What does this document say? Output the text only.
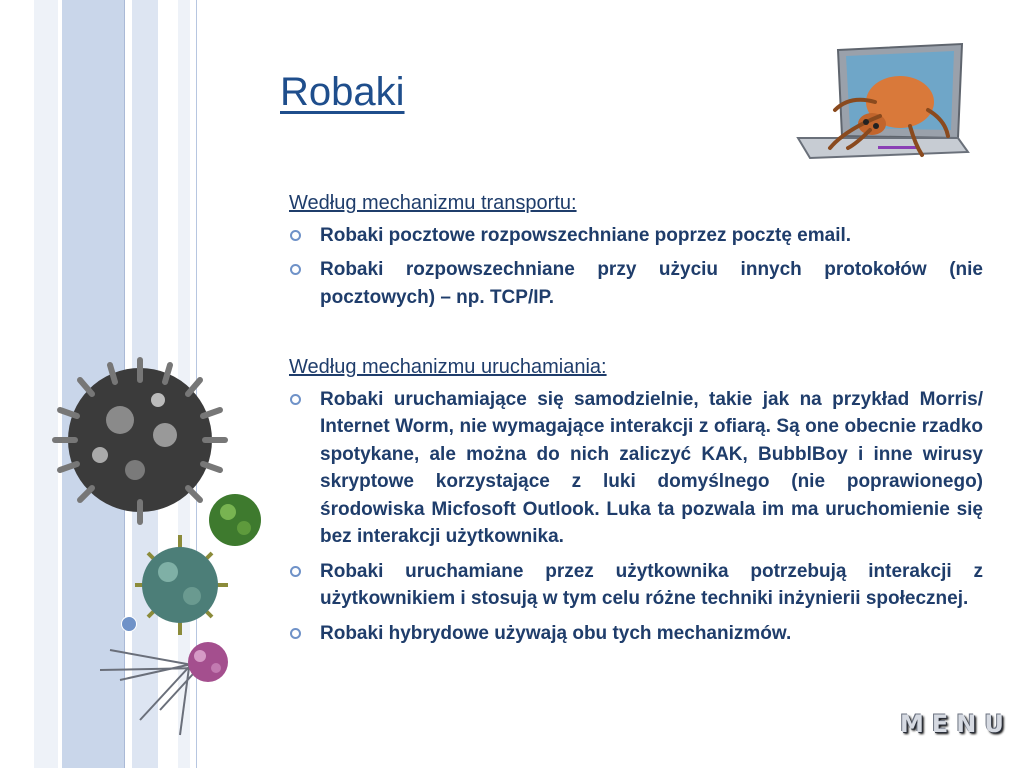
Robaki

Według mechanizmu transportu:

Robaki pocztowe rozpowszechniane poprzez pocztę email.
Robaki rozpowszechniane przy użyciu innych protokołów (nie pocztowych) – np. TCP/IP.

Według mechanizmu uruchamiania:

Robaki uruchamiające się samodzielnie, takie jak na przykład Morris/ Internet Worm, nie wymagające interakcji z ofiarą. Są one obecnie rzadko spotykane, ale można do nich zaliczyć KAK, BubblBoy i inne wirusy skryptowe korzystające z luki domyślnego (nie poprawionego) środowiska Micfosoft Outlook. Luka ta pozwala im ma uruchomienie się bez interakcji użytkownika.
Robaki uruchamiane przez użytkownika potrzebują interakcji z użytkownikiem i stosują w tym celu różne techniki inżynierii społecznej.
Robaki hybrydowe używają obu tych mechanizmów.
MENU
